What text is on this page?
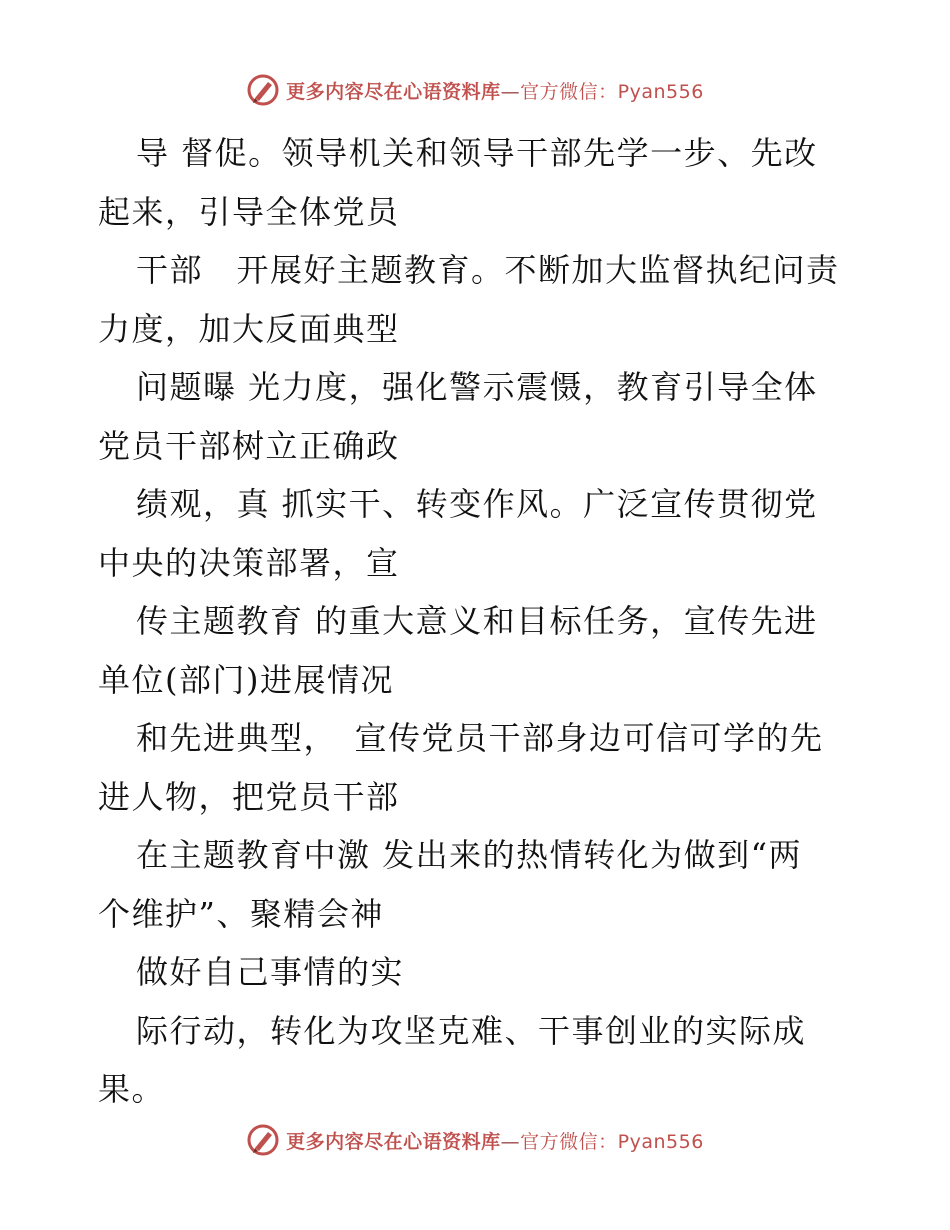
更多内容尽在心语资料库—官方微信：Pyan556
导 督促。领导机关和领导干部先学一步、先改
起来，引导全体党员
干部　开展好主题教育。不断加大监督执纪问责
力度，加大反面典型
问题曝 光力度，强化警示震慑，教育引导全体
党员干部树立正确政
绩观，真 抓实干、转变作风。广泛宣传贯彻党
中央的决策部署，宣
传主题教育 的重大意义和目标任务，宣传先进
单位(部门)进展情况
和先进典型，　宣传党员干部身边可信可学的先
进人物，把党员干部
在主题教育中激 发出来的热情转化为做到“两
个维护”、聚精会神
做好自己事情的实
际行动，转化为攻坚克难、干事创业的实际成
果。
更多内容尽在心语资料库—官方微信：Pyan556
